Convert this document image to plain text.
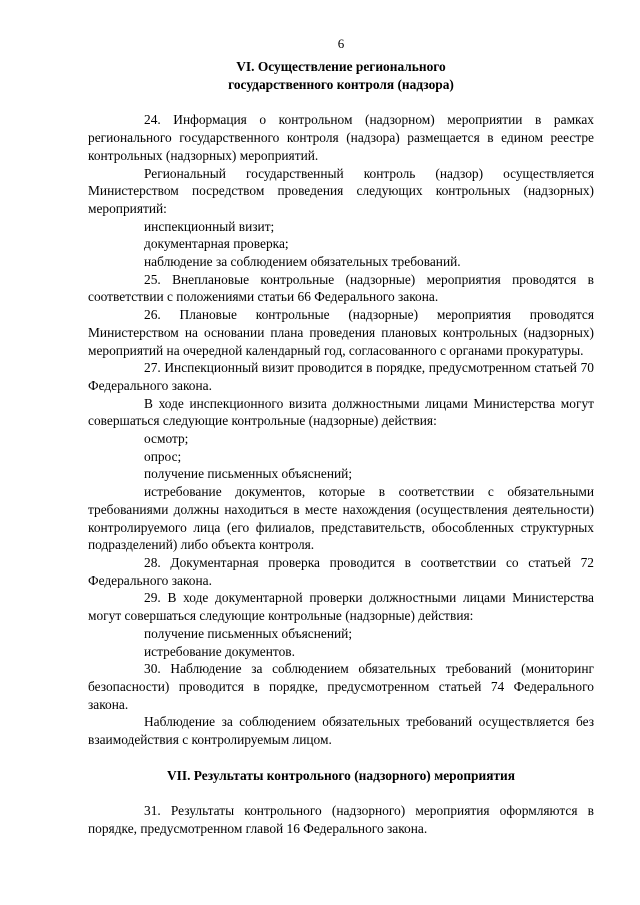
6
VI. Осуществление регионального
государственного контроля (надзора)

24. Информация о контрольном (надзорном) мероприятии в рамках регионального государственного контроля (надзора) размещается в едином реестре контрольных (надзорных) мероприятий.

Региональный государственный контроль (надзор) осуществляется Министерством посредством проведения следующих контрольных (надзорных) мероприятий:

инспекционный визит;

документарная проверка;

наблюдение за соблюдением обязательных требований.

25. Внеплановые контрольные (надзорные) мероприятия проводятся в соответствии с положениями статьи 66 Федерального закона.

26. Плановые контрольные (надзорные) мероприятия проводятся Министерством на основании плана проведения плановых контрольных (надзорных) мероприятий на очередной календарный год, согласованного с органами прокуратуры.

27. Инспекционный визит проводится в порядке, предусмотренном статьей 70 Федерального закона.

В ходе инспекционного визита должностными лицами Министерства могут совершаться следующие контрольные (надзорные) действия:

осмотр;

опрос;

получение письменных объяснений;

истребование документов, которые в соответствии с обязательными требованиями должны находиться в месте нахождения (осуществления деятельности) контролируемого лица (его филиалов, представительств, обособленных структурных подразделений) либо объекта контроля.

28. Документарная проверка проводится в соответствии со статьей 72 Федерального закона.

29. В ходе документарной проверки должностными лицами Министерства могут совершаться следующие контрольные (надзорные) действия:

получение письменных объяснений;

истребование документов.

30. Наблюдение за соблюдением обязательных требований (мониторинг безопасности) проводится в порядке, предусмотренном статьей 74 Федерального закона.

Наблюдение за соблюдением обязательных требований осуществляется без взаимодействия с контролируемым лицом.

VII. Результаты контрольного (надзорного) мероприятия

31. Результаты контрольного (надзорного) мероприятия оформляются в порядке, предусмотренном главой 16 Федерального закона.
